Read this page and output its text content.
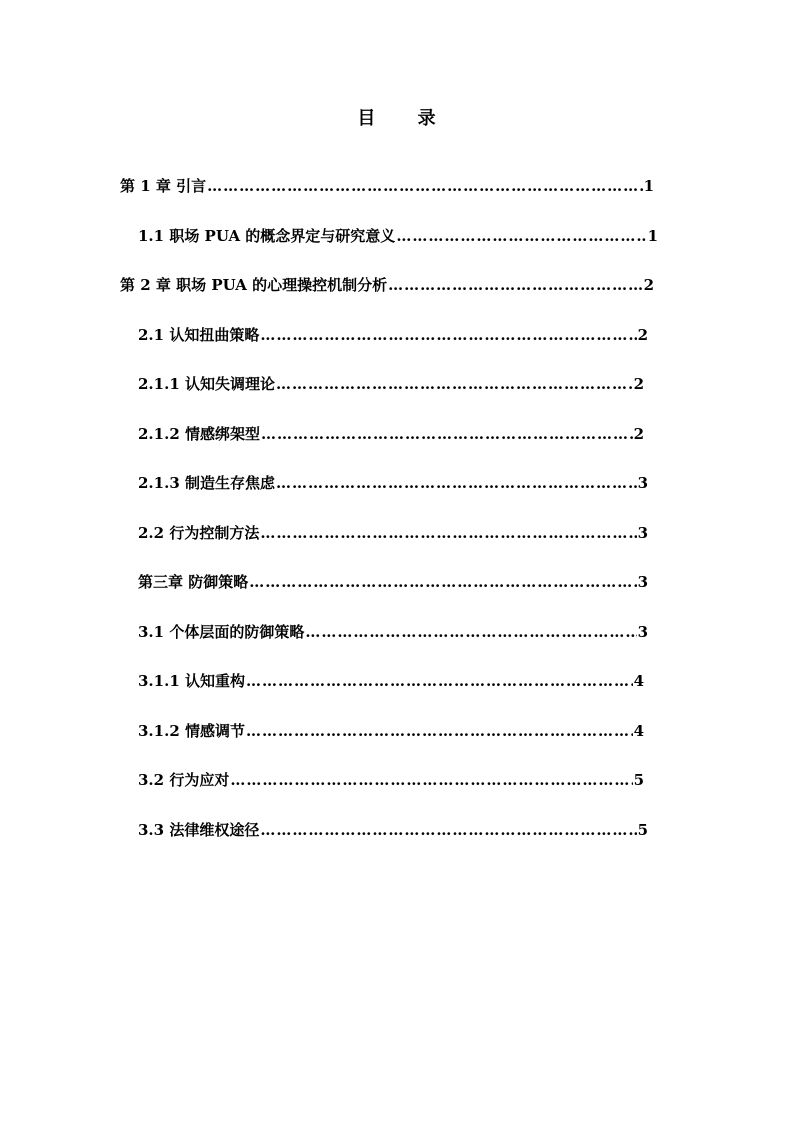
目 录
第 1 章 引言 …………………………………………………………………………………………………………………………………………………………………………………………………	1
1.1 职场 PUA 的概念界定与研究意义 …………………………………………………………………………………………………………………………………………………………………………………………………	1
第 2 章 职场 PUA 的心理操控机制分析 …………………………………………………………………………………………………………………………………………………………………………………………………	2
2.1 认知扭曲策略 …………………………………………………………………………………………………………………………………………………………………………………………………	2
2.1.1 认知失调理论 …………………………………………………………………………………………………………………………………………………………………………………………………	2
2.1.2 情感绑架型 …………………………………………………………………………………………………………………………………………………………………………………………………	2
2.1.3 制造生存焦虑 …………………………………………………………………………………………………………………………………………………………………………………………………	3
2.2 行为控制方法 …………………………………………………………………………………………………………………………………………………………………………………………………	3
第三章 防御策略 …………………………………………………………………………………………………………………………………………………………………………………………………	3
3.1 个体层面的防御策略 …………………………………………………………………………………………………………………………………………………………………………………………………	3
3.1.1 认知重构 …………………………………………………………………………………………………………………………………………………………………………………………………	4
3.1.2 情感调节 …………………………………………………………………………………………………………………………………………………………………………………………………	4
3.2 行为应对 …………………………………………………………………………………………………………………………………………………………………………………………………	5
3.3 法律维权途径 …………………………………………………………………………………………………………………………………………………………………………………………………	5
